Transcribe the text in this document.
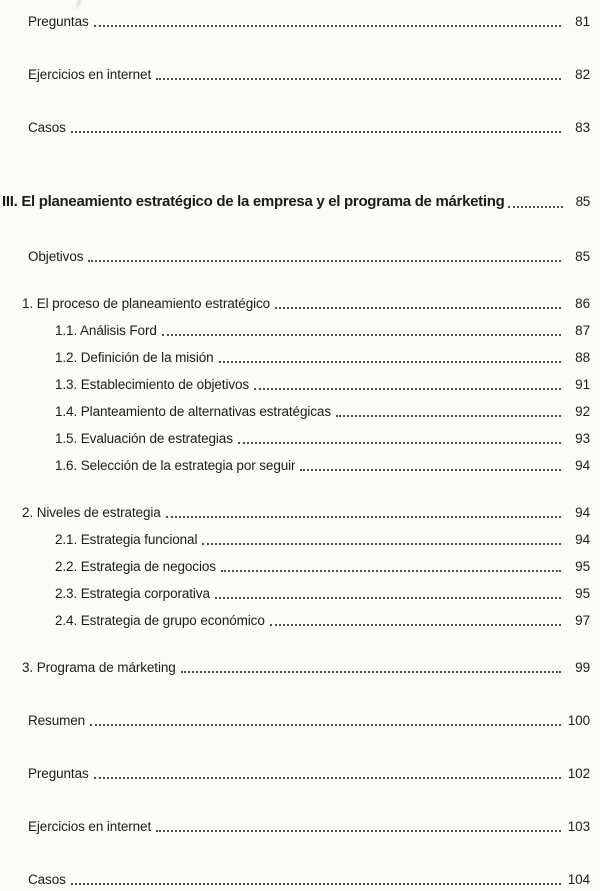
Preguntas	81
Ejercicios en internet	82
Casos	83
III. El planeamiento estratégico de la empresa y el programa de márketing	85
Objetivos	85
1. El proceso de planeamiento estratégico	86
1.1. Análisis Ford	87
1.2. Definición de la misión	88
1.3. Establecimiento de objetivos	91
1.4. Planteamiento de alternativas estratégicas	92
1.5. Evaluación de estrategias	93
1.6. Selección de la estrategia por seguir	94
2. Niveles de estrategia	94
2.1. Estrategia funcional	94
2.2. Estrategia de negocios	95
2.3. Estrategia corporativa	95
2.4. Estrategia de grupo económico	97
3. Programa de márketing	99
Resumen	100
Preguntas	102
Ejercicios en internet	103
Casos	104
